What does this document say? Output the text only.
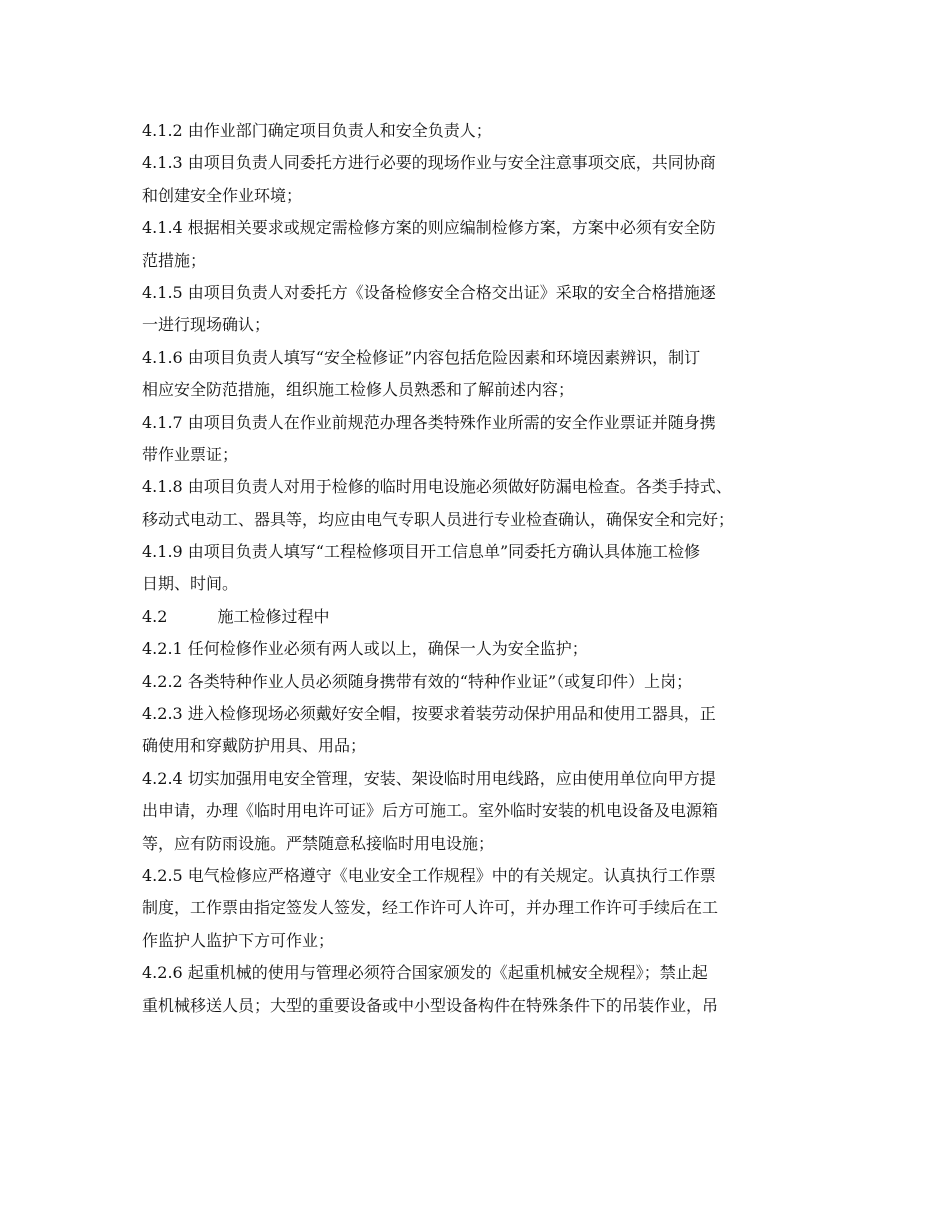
4.1.2 由作业部门确定项目负责人和安全负责人；
4.1.3 由项目负责人同委托方进行必要的现场作业与安全注意事项交底，共同协商
和创建安全作业环境；
4.1.4 根据相关要求或规定需检修方案的则应编制检修方案，方案中必须有安全防
范措施；
4.1.5 由项目负责人对委托方《设备检修安全合格交出证》采取的安全合格措施逐
一进行现场确认；
4.1.6 由项目负责人填写“安全检修证”内容包括危险因素和环境因素辨识，制订
相应安全防范措施，组织施工检修人员熟悉和了解前述内容；
4.1.7 由项目负责人在作业前规范办理各类特殊作业所需的安全作业票证并随身携
带作业票证；
4.1.8 由项目负责人对用于检修的临时用电设施必须做好防漏电检查。各类手持式、
移动式电动工、器具等，均应由电气专职人员进行专业检查确认，确保安全和完好；
4.1.9 由项目负责人填写“工程检修项目开工信息单”同委托方确认具体施工检修
日期、时间。
4.2	施工检修过程中
4.2.1 任何检修作业必须有两人或以上，确保一人为安全监护；
4.2.2 各类特种作业人员必须随身携带有效的“特种作业证”（或复印件）上岗；
4.2.3 进入检修现场必须戴好安全帽，按要求着装劳动保护用品和使用工器具，正
确使用和穿戴防护用具、用品；
4.2.4 切实加强用电安全管理，安装、架设临时用电线路，应由使用单位向甲方提
出申请，办理《临时用电许可证》后方可施工。室外临时安装的机电设备及电源箱
等，应有防雨设施。严禁随意私接临时用电设施；
4.2.5 电气检修应严格遵守《电业安全工作规程》中的有关规定。认真执行工作票
制度，工作票由指定签发人签发，经工作许可人许可，并办理工作许可手续后在工
作监护人监护下方可作业；
4.2.6 起重机械的使用与管理必须符合国家颁发的《起重机械安全规程》；禁止起
重机械移送人员；大型的重要设备或中小型设备构件在特殊条件下的吊装作业，吊
